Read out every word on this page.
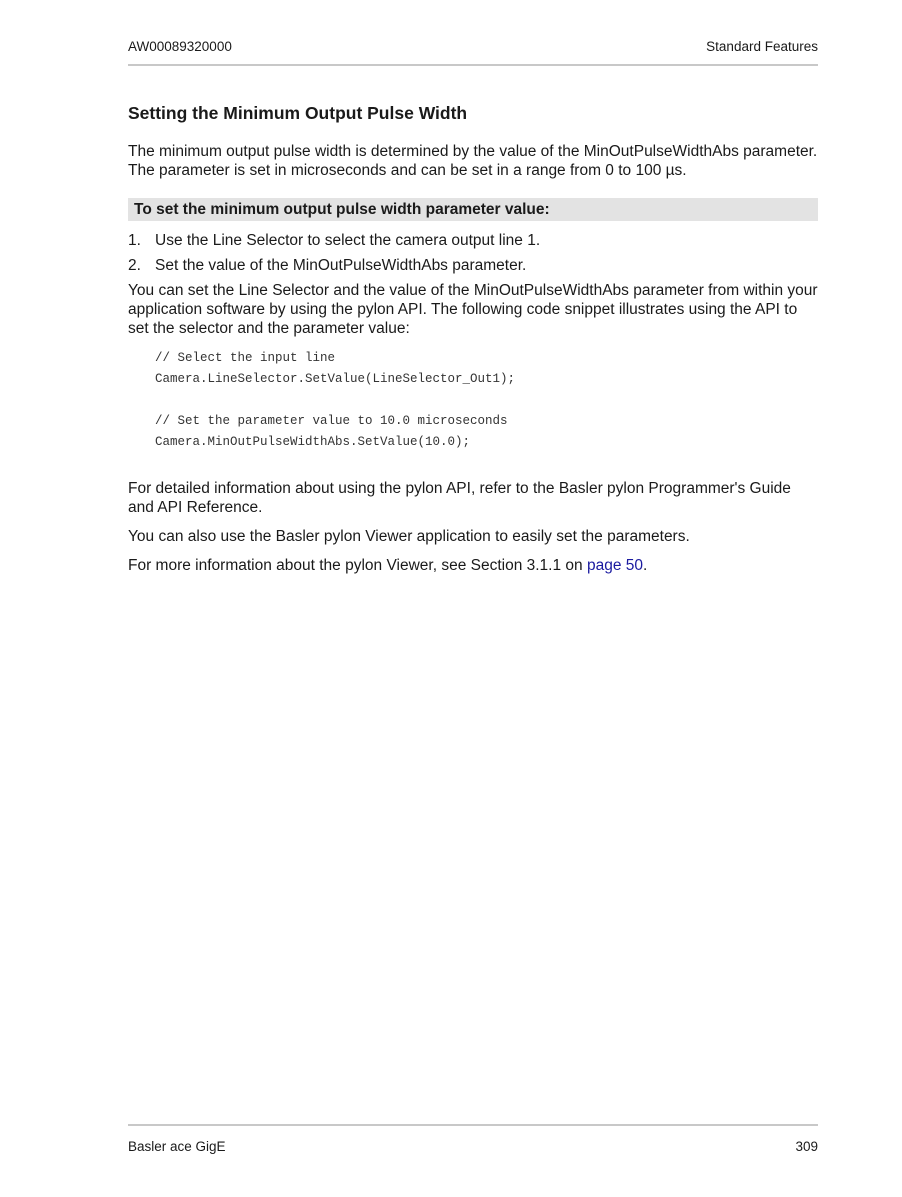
AW00089320000	Standard Features
Setting the Minimum Output Pulse Width

The minimum output pulse width is determined by the value of the MinOutPulseWidthAbs parameter. The parameter is set in microseconds and can be set in a range from 0 to 100 µs.

To set the minimum output pulse width parameter value:
1. Use the Line Selector to select the camera output line 1.
2. Set the value of the MinOutPulseWidthAbs parameter.

You can set the Line Selector and the value of the MinOutPulseWidthAbs parameter from within your application software by using the pylon API. The following code snippet illustrates using the API to set the selector and the parameter value:

// Select the input line
Camera.LineSelector.SetValue(LineSelector_Out1);
// Set the parameter value to 10.0 microseconds
Camera.MinOutPulseWidthAbs.SetValue(10.0);

For detailed information about using the pylon API, refer to the Basler pylon Programmer's Guide and API Reference.

You can also use the Basler pylon Viewer application to easily set the parameters.

For more information about the pylon Viewer, see Section 3.1.1 on page 50.

Basler ace GigE	309
